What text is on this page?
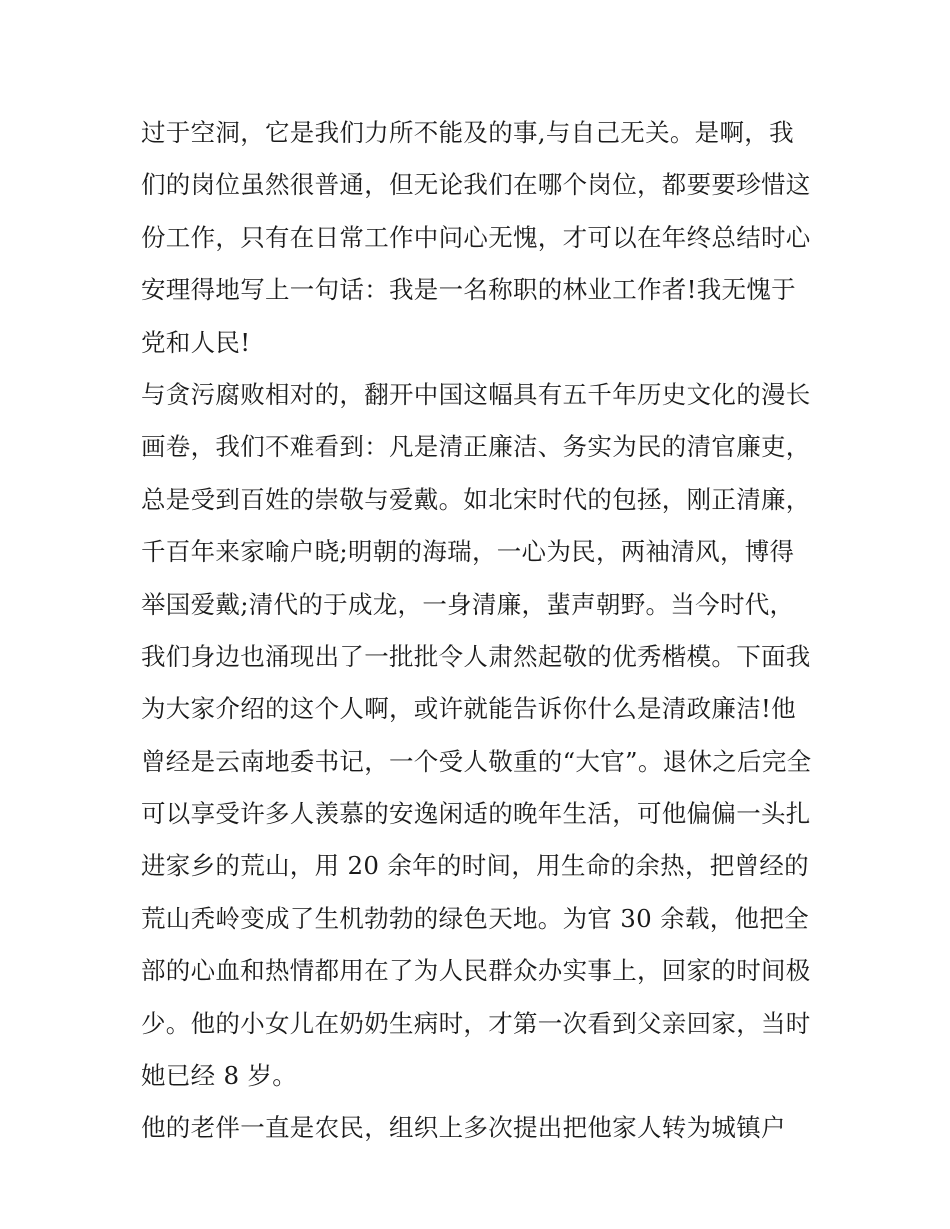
过于空洞，它是我们力所不能及的事,与自己无关。是啊，我
们的岗位虽然很普通，但无论我们在哪个岗位，都要要珍惜这
份工作，只有在日常工作中问心无愧，才可以在年终总结时心
安理得地写上一句话：我是一名称职的林业工作者!我无愧于
党和人民!
与贪污腐败相对的，翻开中国这幅具有五千年历史文化的漫长
画卷，我们不难看到：凡是清正廉洁、务实为民的清官廉吏，
总是受到百姓的崇敬与爱戴。如北宋时代的包拯，刚正清廉，
千百年来家喻户晓;明朝的海瑞，一心为民，两袖清风，博得
举国爱戴;清代的于成龙，一身清廉，蜚声朝野。当今时代，
我们身边也涌现出了一批批令人肃然起敬的优秀楷模。下面我
为大家介绍的这个人啊，或许就能告诉你什么是清政廉洁!他
曾经是云南地委书记，一个受人敬重的“大官”。退休之后完全
可以享受许多人羡慕的安逸闲适的晚年生活，可他偏偏一头扎
进家乡的荒山，用 20 余年的时间，用生命的余热，把曾经的
荒山秃岭变成了生机勃勃的绿色天地。为官 30 余载，他把全
部的心血和热情都用在了为人民群众办实事上，回家的时间极
少。他的小女儿在奶奶生病时，才第一次看到父亲回家，当时
她已经 8 岁。
他的老伴一直是农民，组织上多次提出把他家人转为城镇户
